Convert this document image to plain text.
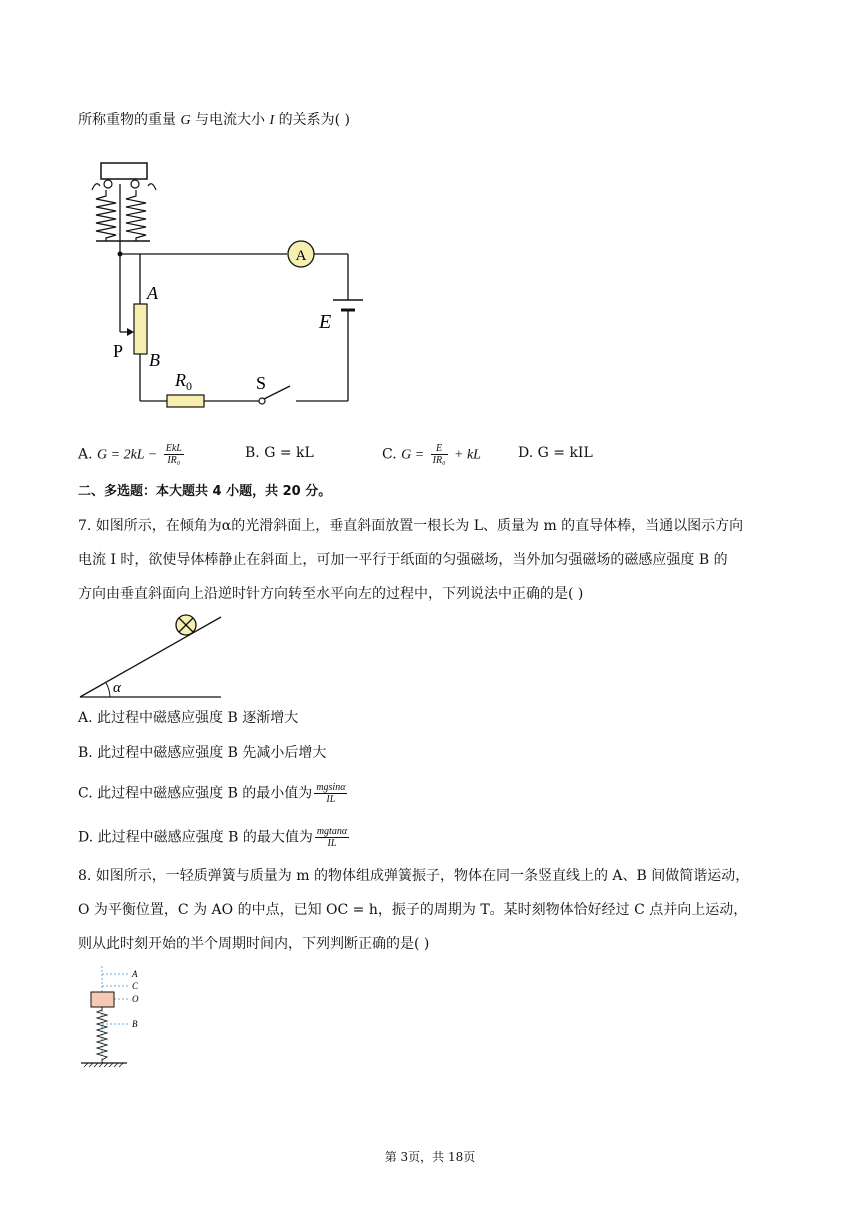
所称重物的重量 G 与电流大小 I 的关系为( )
A
E
A
B
P
$R_0$	S
A. $G = 2kL - \frac{\text{EkL}}{\text{IR₀}}$	B. G = kL	C. $G = \frac{E}{\text{IR₀}}$ + kL	D. G = kIL
二、多选题：本大题共 4 小题，共 20 分。
7. 如图所示，在倾角为α的光滑斜面上，垂直斜面放置一根长为 L、质量为 m 的直导体棒，当通以图示方向
电流 I 时，欲使导体棒静止在斜面上，可加一平行于纸面的匀强磁场，当外加匀强磁场的磁感应强度 B 的
方向由垂直斜面向上沿逆时针方向转至水平向左的过程中，下列说法中正确的是( )
α
A. 此过程中磁感应强度 B 逐渐增大
B. 此过程中磁感应强度 B 先减小后增大
C. 此过程中磁感应强度 B 的最小值为 $\frac{mgsin\alpha}{IL}$
D. 此过程中磁感应强度 B 的最大值为 $\frac{mgtan\alpha}{IL}$
8. 如图所示，一轻质弹簧与质量为 m 的物体组成弹簧振子，物体在同一条竖直线上的 A、B 间做简谐运动，
O 为平衡位置，C 为 AO 的中点，已知 OC = h，振子的周期为 T。某时刻物体恰好经过 C 点并向上运动，
则从此时刻开始的半个周期时间内，下列判断正确的是( )
A
C
O
B
第 3页，共 18页
